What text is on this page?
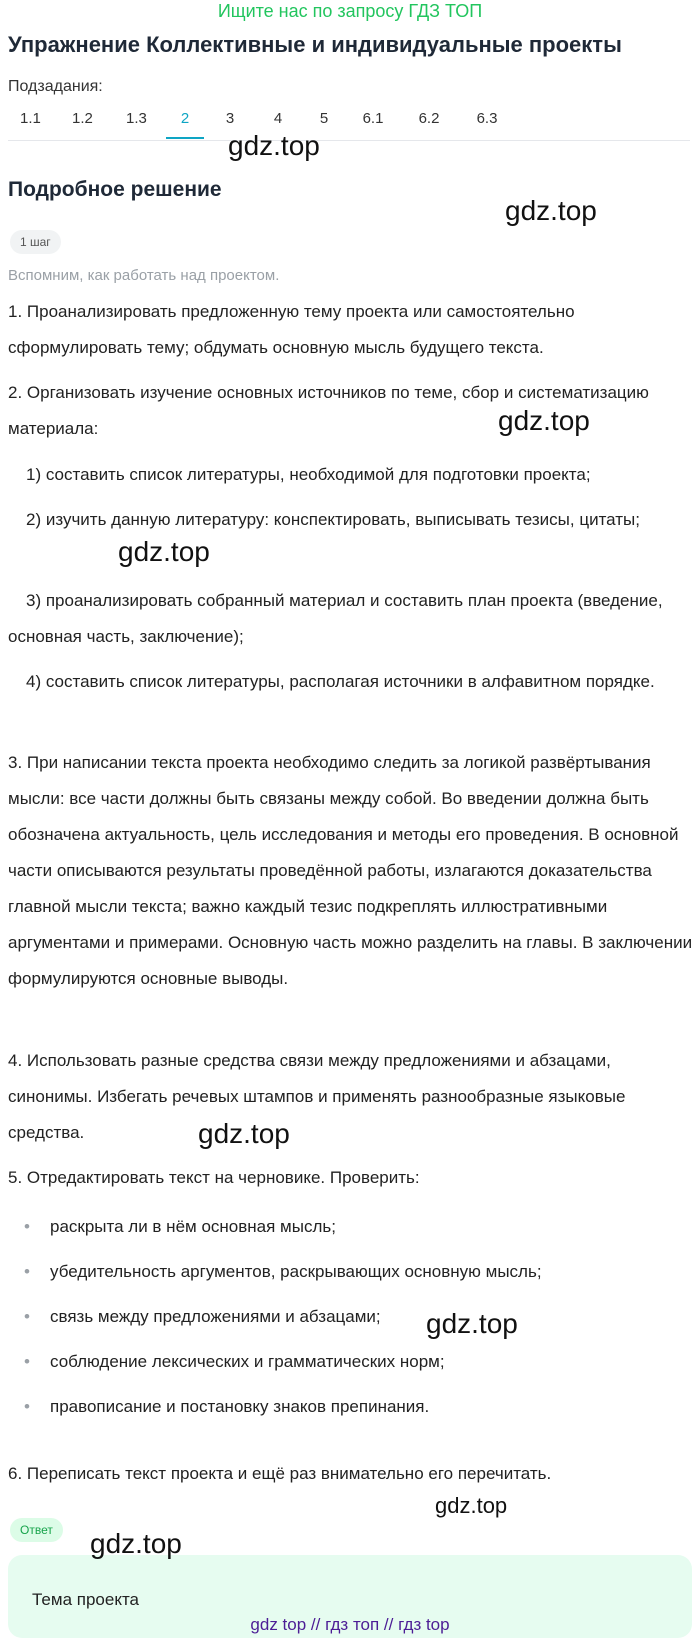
Ищите нас по запросу ГДЗ ТОП
Упражнение Коллективные и индивидуальные проекты
Подзадания:
1.1 1.2 1.3	2	3	4	5 6.1 6.2 6.3
Подробное решение
1 шаг
Вспомним, как работать над проектом.

1. Проанализировать предложенную тему проекта или самостоятельно сформулировать тему; обдумать основную мысль будущего текста.

2. Организовать изучение основных источников по теме, сбор и систематизацию материала:

1) составить список литературы, необходимой для подготовки проекта;

2) изучить данную литературу: конспектировать, выписывать тезисы, цитаты;

3) проанализировать собранный материал и составить план проекта (введение, основная часть, заключение);

4) составить список литературы, располагая источники в алфавитном порядке.

3. При написании текста проекта необходимо следить за логикой развёртывания мысли: все части должны быть связаны между собой. Во введении должна быть обозначена актуальность, цель исследования и методы его проведения. В основной части описываются результаты проведённой работы, излагаются доказательства главной мысли текста; важно каждый тезис подкреплять иллюстративными аргументами и примерами. Основную часть можно разделить на главы. В заключении формулируются основные выводы.

4. Использовать разные средства связи между предложениями и абзацами, синонимы. Избегать речевых штампов и применять разнообразные языковые средства.

5. Отредактировать текст на черновике. Проверить:

• раскрыта ли в нём основная мысль;
• убедительность аргументов, раскрывающих основную мысль;
• связь между предложениями и абзацами;
• соблюдение лексических и грамматических норм;
• правописание и постановку знаков препинания.

6. Переписать текст проекта и ещё раз внимательно его перечитать.

Ответ
Тема проекта
gdz.top
gdz.top
gdz.top
gdz.top
gdz.top
gdz.top
gdz.top
gdz.top
gdz top // гдз топ // гдз top
